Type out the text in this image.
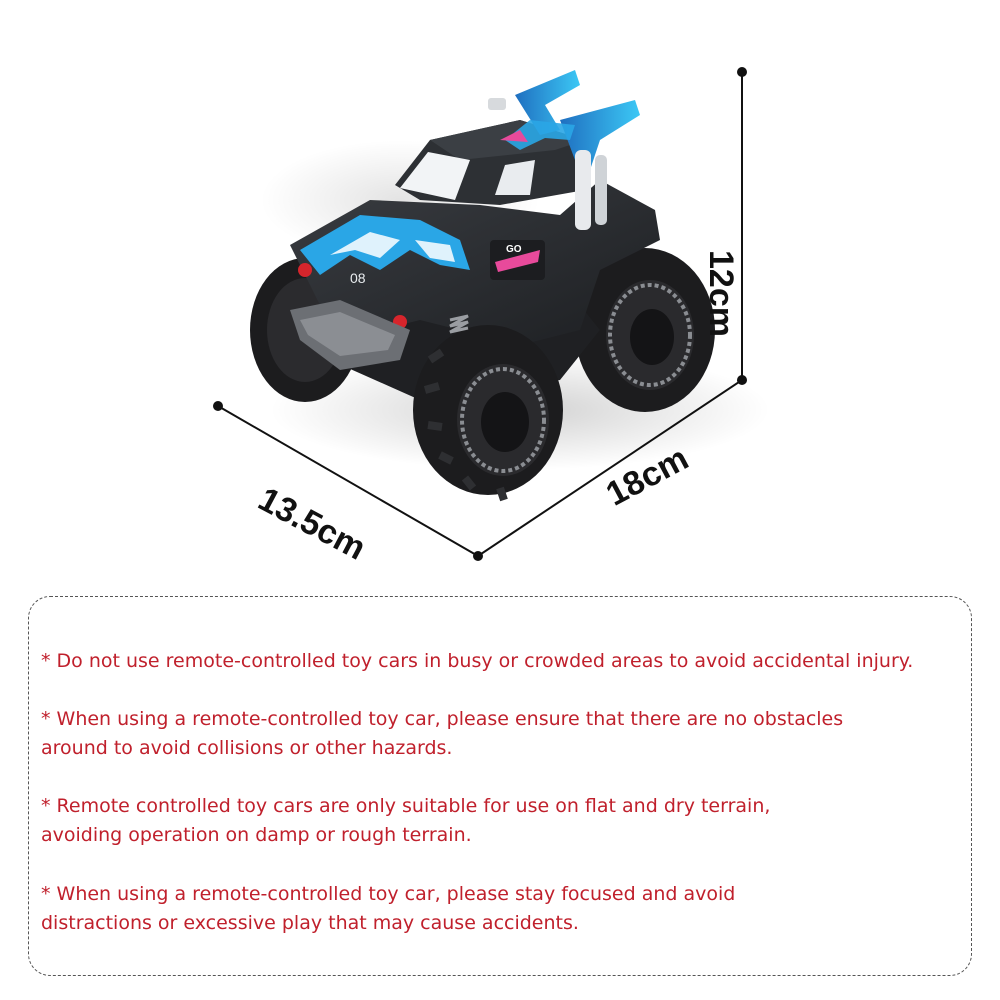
GO
08	12cm
13.5cm
18cm

* Do not use remote-controlled toy cars in busy or crowded areas to avoid accidental injury.

* When using a remote-controlled toy car, please ensure that there are no obstacles

around to avoid collisions or other hazards.

* Remote controlled toy cars are only suitable for use on flat and dry terrain,

avoiding operation on damp or rough terrain.

* When using a remote-controlled toy car, please stay focused and avoid

distractions or excessive play that may cause accidents.
